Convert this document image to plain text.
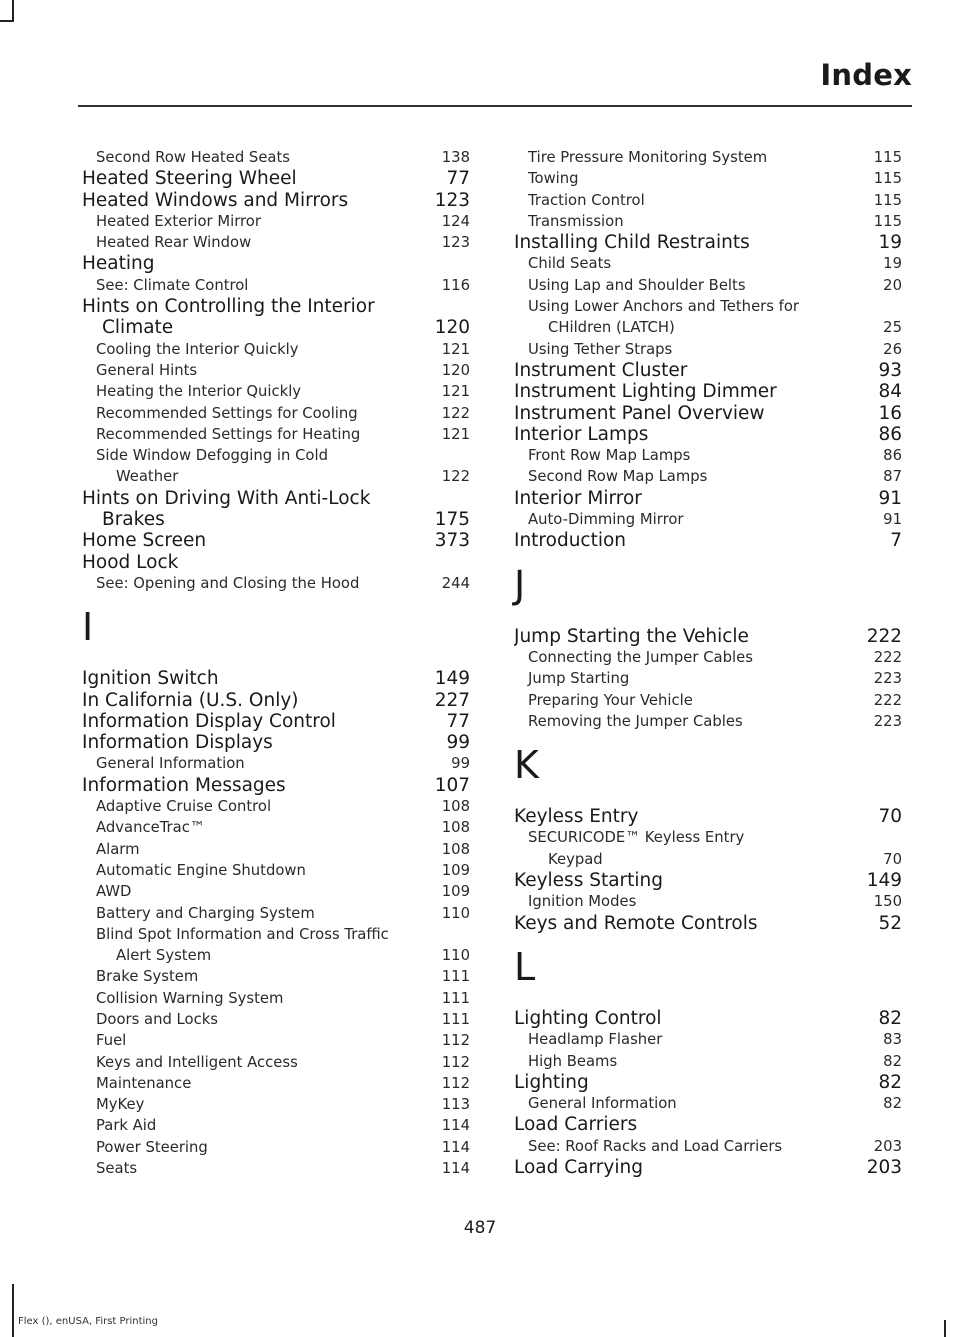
Index
Second Row Heated Seats	138
Heated Steering Wheel	77
Heated Windows and Mirrors	123
Heated Exterior Mirror	124
Heated Rear Window	123
Heating
See: Climate Control	116
Hints on Controlling the Interior
Climate	120
Cooling the Interior Quickly	121
General Hints	120
Heating the Interior Quickly	121
Recommended Settings for Cooling	122
Recommended Settings for Heating	121
Side Window Defogging in Cold
Weather	122
Hints on Driving With Anti-Lock
Brakes	175
Home Screen	373
Hood Lock
See: Opening and Closing the Hood	244
I
Ignition Switch	149
In California (U.S. Only)	227
Information Display Control	77
Information Displays	99
General Information	99
Information Messages	107
Adaptive Cruise Control	108
AdvanceTrac™	108
Alarm	108
Automatic Engine Shutdown	109
AWD	109
Battery and Charging System	110
Blind Spot Information and Cross Traffic
Alert System	110
Brake System	111
Collision Warning System	111
Doors and Locks	111
Fuel	112
Keys and Intelligent Access	112
Maintenance	112
MyKey	113
Park Aid	114
Power Steering	114
Seats	114
Tire Pressure Monitoring System	115
Towing	115
Traction Control	115
Transmission	115
Installing Child Restraints	19
Child Seats	19
Using Lap and Shoulder Belts	20
Using Lower Anchors and Tethers for
CHildren (LATCH)	25
Using Tether Straps	26
Instrument Cluster	93
Instrument Lighting Dimmer	84
Instrument Panel Overview	16
Interior Lamps	86
Front Row Map Lamps	86
Second Row Map Lamps	87
Interior Mirror	91
Auto-Dimming Mirror	91
Introduction	7
J
Jump Starting the Vehicle	222
Connecting the Jumper Cables	222
Jump Starting	223
Preparing Your Vehicle	222
Removing the Jumper Cables	223
K
Keyless Entry	70
SECURICODE™ Keyless Entry
Keypad	70
Keyless Starting	149
Ignition Modes	150
Keys and Remote Controls	52
L
Lighting Control	82
Headlamp Flasher	83
High Beams	82
Lighting	82
General Information	82
Load Carriers
See: Roof Racks and Load Carriers	203
Load Carrying	203
487
Flex (), enUSA, First Printing
